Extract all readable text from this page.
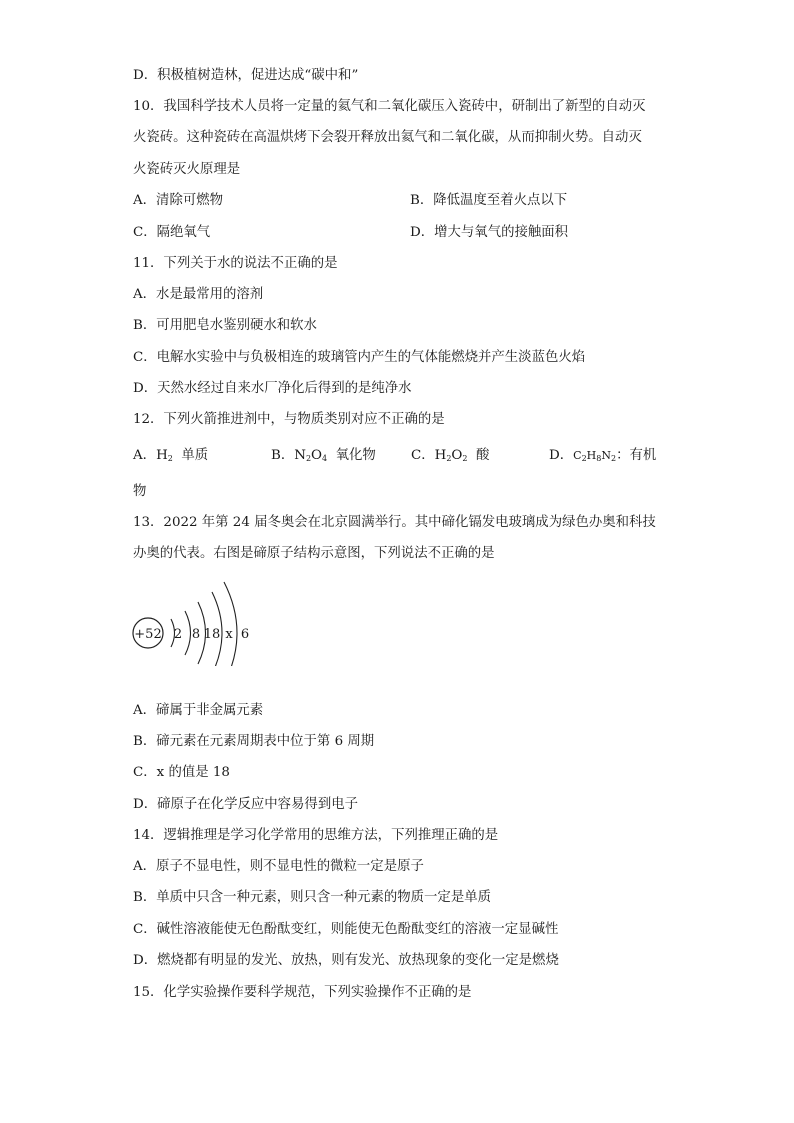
D．积极植树造林，促进达成“碳中和”
10．我国科学技术人员将一定量的氦气和二氧化碳压入瓷砖中，研制出了新型的自动灭
火瓷砖。这种瓷砖在高温烘烤下会裂开释放出氦气和二氧化碳，从而抑制火势。自动灭
火瓷砖灭火原理是
A．清除可燃物	B．降低温度至着火点以下
C．隔绝氧气	D．增大与氧气的接触面积
11．下列关于水的说法不正确的是
A．水是最常用的溶剂
B．可用肥皂水鉴别硬水和软水
C．电解水实验中与负极相连的玻璃管内产生的气体能燃烧并产生淡蓝色火焰
D．天然水经过自来水厂净化后得到的是纯净水
12．下列火箭推进剂中，与物质类别对应不正确的是
A．$H_2$ 单质	B．$N_2O_4$ 氧化物	C．$H_2O_2$ 酸	D．$C_2H_8N_2$：有机
物
13．2022 年第 24 届冬奥会在北京圆满举行。其中碲化镉发电玻璃成为绿色办奥和科技
办奥的代表。右图是碲原子结构示意图，下列说法不正确的是
+52 2 8 18 x 6
A．碲属于非金属元素
B．碲元素在元素周期表中位于第 6 周期
C．x 的值是 18
D．碲原子在化学反应中容易得到电子
14．逻辑推理是学习化学常用的思维方法，下列推理正确的是
A．原子不显电性，则不显电性的微粒一定是原子
B．单质中只含一种元素，则只含一种元素的物质一定是单质
C．碱性溶液能使无色酚酞变红，则能使无色酚酞变红的溶液一定显碱性
D．燃烧都有明显的发光、放热，则有发光、放热现象的变化一定是燃烧
15．化学实验操作要科学规范，下列实验操作不正确的是
